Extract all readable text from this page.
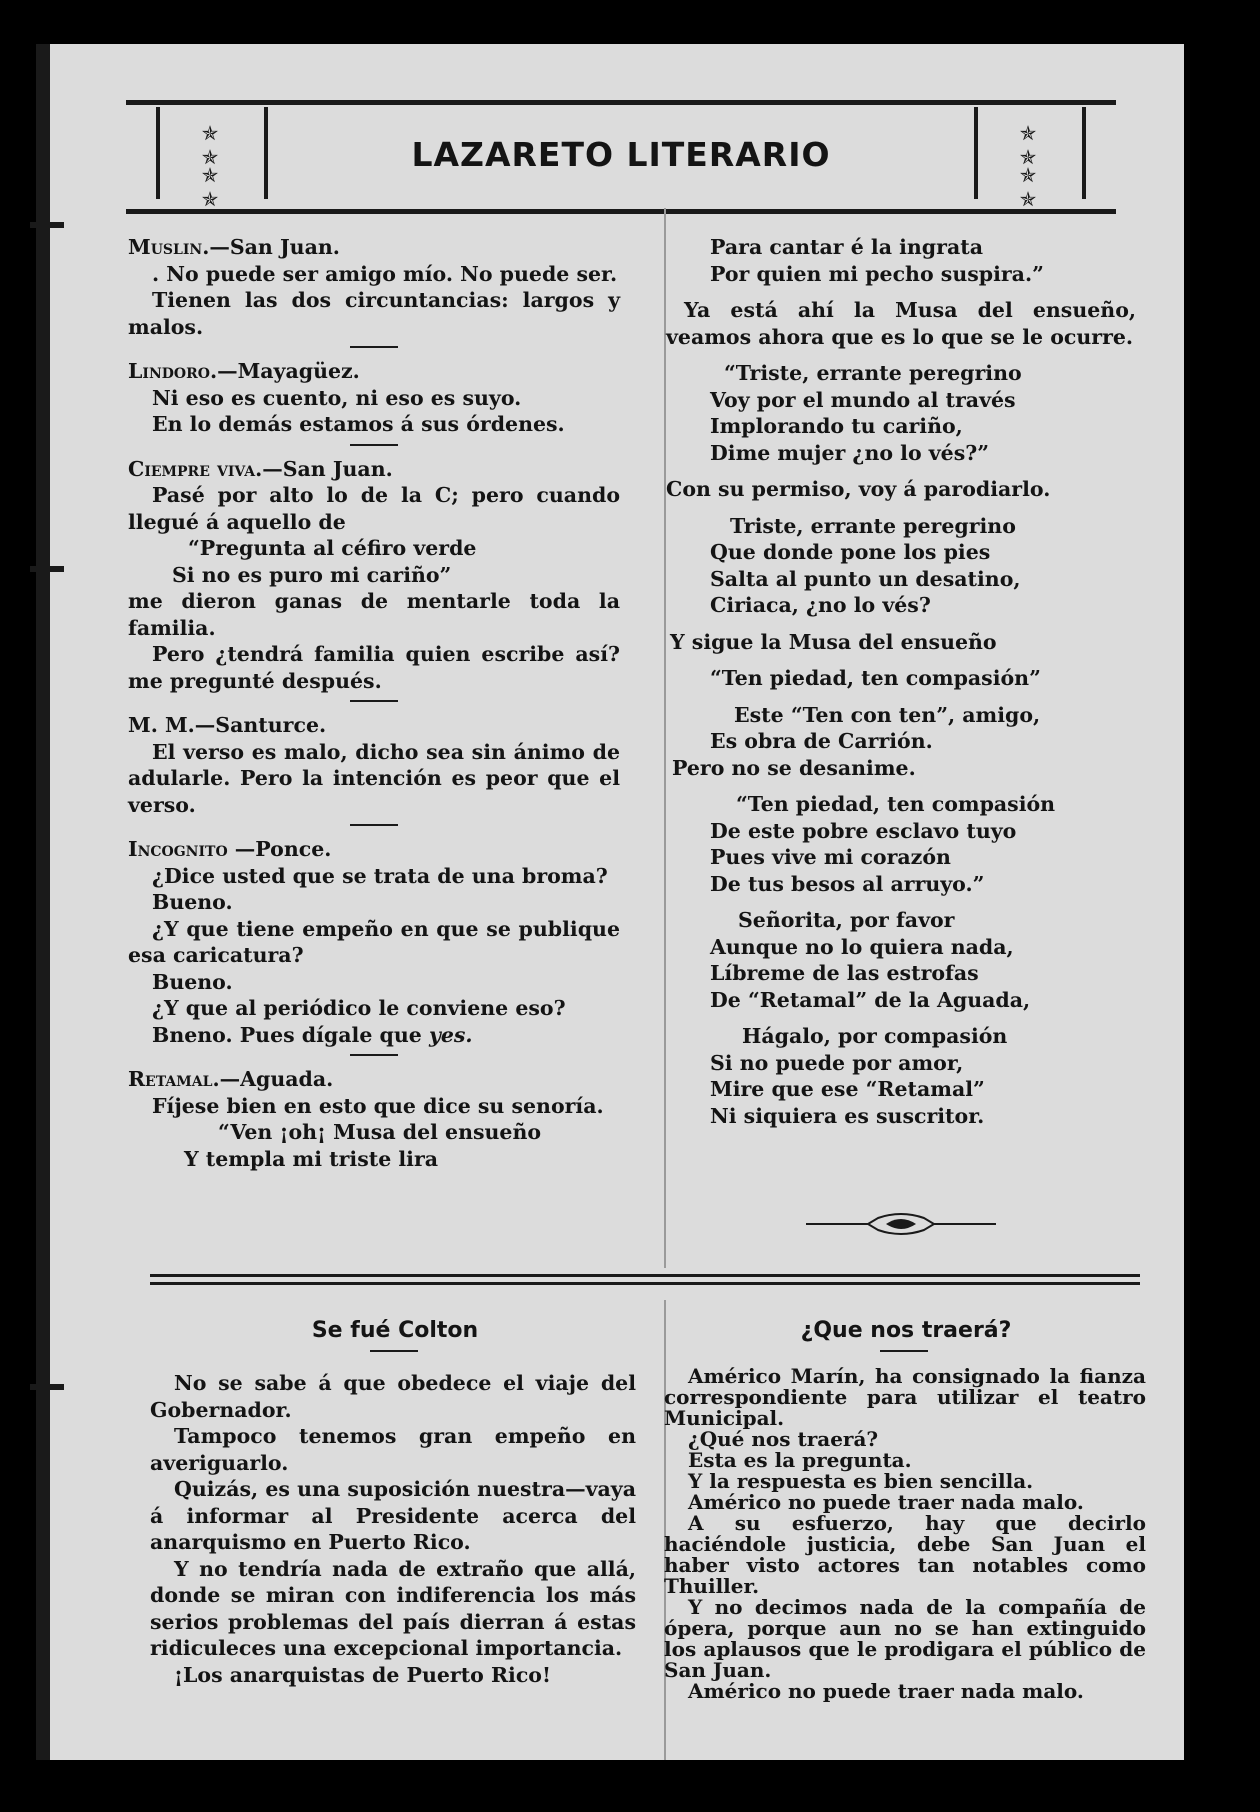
✯ ✯
✯ ✯
LAZARETO LITERARIO
✯ ✯
✯ ✯

Muslin.—San Juan.

. No puede ser amigo mío. No puede ser.

Tienen las dos circuntancias: largos y malos.

Lindoro.—Mayagüez.

Ni eso es cuento, ni eso es suyo.

En lo demás estamos á sus órdenes.

Ciempre viva.—San Juan.

Pasé por alto lo de la C; pero cuando llegué á aquello de

“Pregunta al céfiro verde

Si no es puro mi cariño”

me dieron ganas de mentarle toda la familia.

Pero ¿tendrá familia quien escribe así? me pregunté después.

M. M.—Santurce.

El verso es malo, dicho sea sin ánimo de adularle. Pero la intención es peor que el verso.

Incognito —Ponce.

¿Dice usted que se trata de una broma?

Bueno.

¿Y que tiene empeño en que se publique esa caricatura?

Bueno.

¿Y que al periódico le conviene eso?

Bneno. Pues dígale que yes.

Retamal.—Aguada.

Fíjese bien en esto que dice su senoría.

“Ven ¡oh¡ Musa del ensueño

Y templa mi triste lira

Para cantar é la ingrata

Por quien mi pecho suspira.”

Ya está ahí la Musa del ensueño, veamos ahora que es lo que se le ocurre.

“Triste, errante peregrino

Voy por el mundo al través

Implorando tu cariño,

Dime mujer ¿no lo vés?”

Con su permiso, voy á parodiarlo.

Triste, errante peregrino

Que donde pone los pies

Salta al punto un desatino,

Ciriaca, ¿no lo vés?

Y sigue la Musa del ensueño

“Ten piedad, ten compasión”

Este “Ten con ten”, amigo,

Es obra de Carrión.

Pero no se desanime.

“Ten piedad, ten compasión

De este pobre esclavo tuyo

Pues vive mi corazón

De tus besos al arruyo.”

Señorita, por favor

Aunque no lo quiera nada,

Líbreme de las estrofas

De “Retamal” de la Aguada,

Hágalo, por compasión

Si no puede por amor,

Mire que ese “Retamal”

Ni siquiera es suscritor.

Se fué Colton

No se sabe á que obedece el viaje del Gobernador.

Tampoco tenemos gran empeño en averiguarlo.

Quizás, es una suposición nuestra—vaya á informar al Presidente acerca del anarquismo en Puerto Rico.

Y no tendría nada de extraño que allá, donde se miran con indiferencia los más serios problemas del país dierran á estas ridiculeces una excepcional importancia.

¡Los anarquistas de Puerto Rico!

¿Que nos traerá?

Américo Marín, ha consignado la fianza correspondiente para utilizar el teatro Municipal.

¿Qué nos traerá?

Esta es la pregunta.

Y la respuesta es bien sencilla.

Américo no puede traer nada malo.

A su esfuerzo, hay que decirlo haciéndole justicia, debe San Juan el haber visto actores tan notables como Thuiller.

Y no decimos nada de la compañía de ópera, porque aun no se han extinguido los aplausos que le prodigara el público de San Juan.

Américo no puede traer nada malo.
